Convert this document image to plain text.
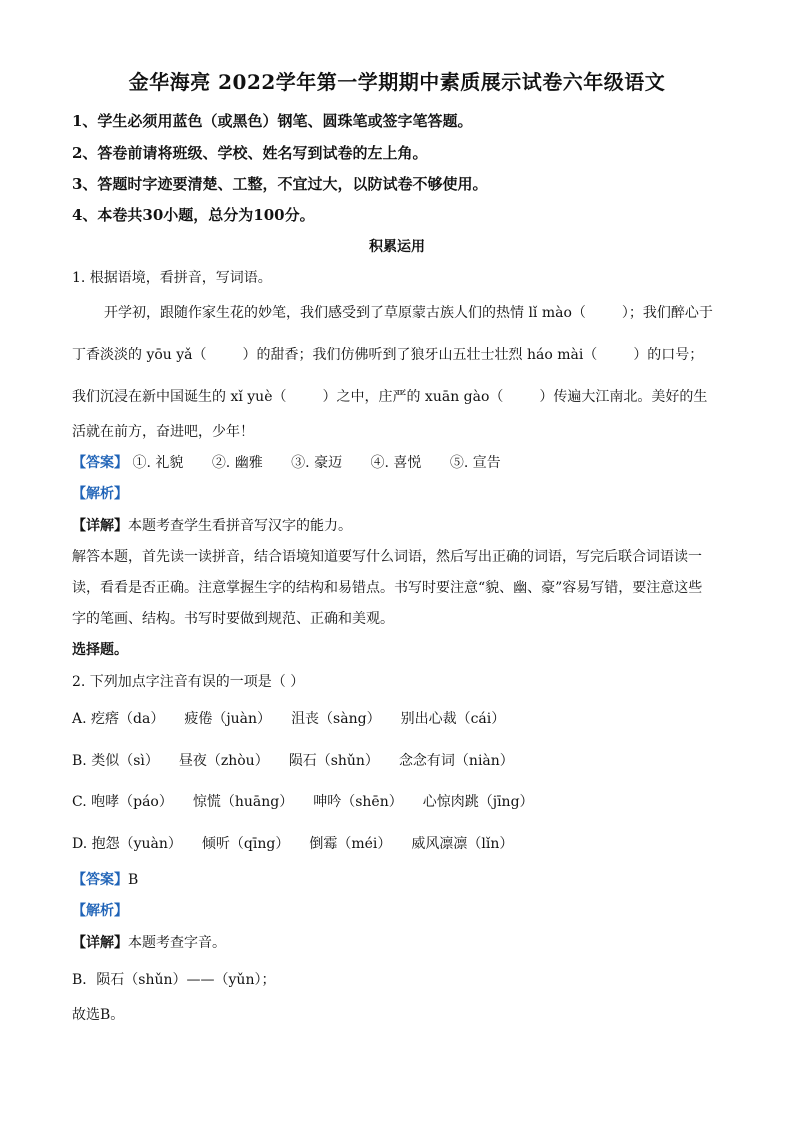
金华海亮 2022学年第一学期期中素质展示试卷六年级语文
1、学生必须用蓝色（或黑色）钢笔、圆珠笔或签字笔答题。
2、答卷前请将班级、学校、姓名写到试卷的左上角。
3、答题时字迹要清楚、工整，不宜过大，以防试卷不够使用。
4、本卷共30小题，总分为100分。
积累运用
1. 根据语境，看拼音，写词语。
开学初，跟随作家生花的妙笔，我们感受到了草原蒙古族人们的热情 lǐ mào（	）；我们醉心于
丁香淡淡的 yōu yǎ（	）的甜香；我们仿佛听到了狼牙山五壮士壮烈 háo mài（	）的口号；
我们沉浸在新中国诞生的 xǐ yuè（	）之中，庄严的 xuān gào（	）传遍大江南北。美好的生
活就在前方，奋进吧，少年！
【答案】 ①. 礼貌 ②. 幽雅 ③. 豪迈 ④. 喜悦 ⑤. 宣告
【解析】
【详解】本题考查学生看拼音写汉字的能力。
解答本题，首先读一读拼音，结合语境知道要写什么词语，然后写出正确的词语，写完后联合词语读一
读，看看是否正确。注意掌握生字的结构和易错点。书写时要注意“貌、幽、豪”容易写错，要注意这些
字的笔画、结构。书写时要做到规范、正确和美观。
选择题。
2. 下列加点字注音有误的一项是（ ）
A. 疙瘩（da） 疲倦（juàn） 沮丧（sàng） 别出心裁（cái）
B. 类似（sì） 昼夜（zhòu） 陨石（shǔn） 念念有词（niàn）
C. 咆哮（páo） 惊慌（huāng） 呻吟（shēn） 心惊肉跳（jīng）
D. 抱怨（yuàn） 倾听（qīng） 倒霉（méi） 威风凛凛（lǐn）
【答案】B
【解析】
【详解】本题考查字音。
B．陨石（shǔn）——（yǔn）；
故选B。
